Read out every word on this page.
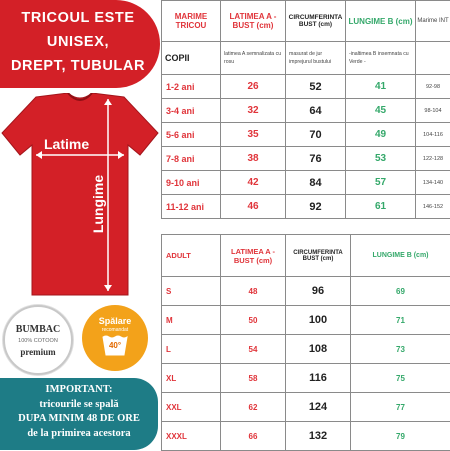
TRICOUL ESTE
UNISEX,
DREPT, TUBULAR
Latime
Lungime
BUMBAC
100% COTOON
premium
Spălare
recomandat
40°
IMPORTANT:
tricourile se spală
DUPA MINIM 48 DE ORE
de la primirea acestora
MARIME TRICOU	LATIMEA A - BUST (cm)	CIRCUMFERINTA BUST (cm)	LUNGIME B (cm)	Marime INT
COPII	latimea A semnalizata cu rosu	masurat de jur imprejurul bustului	-inaltimea B insemnata cu Verde -	
1-2 ani	26	52	41	92-98
3-4 ani	32	64	45	98-104
5-6 ani	35	70	49	104-116
7-8 ani	38	76	53	122-128
9-10 ani	42	84	57	134-140
11-12 ani	46	92	61	146-152
ADULT	LATIMEA A - BUST (cm)	CIRCUMFERINTA BUST (cm)	LUNGIME B (cm)
S	48	96	69
M	50	100	71
L	54	108	73
XL	58	116	75
XXL	62	124	77
XXXL	66	132	79
